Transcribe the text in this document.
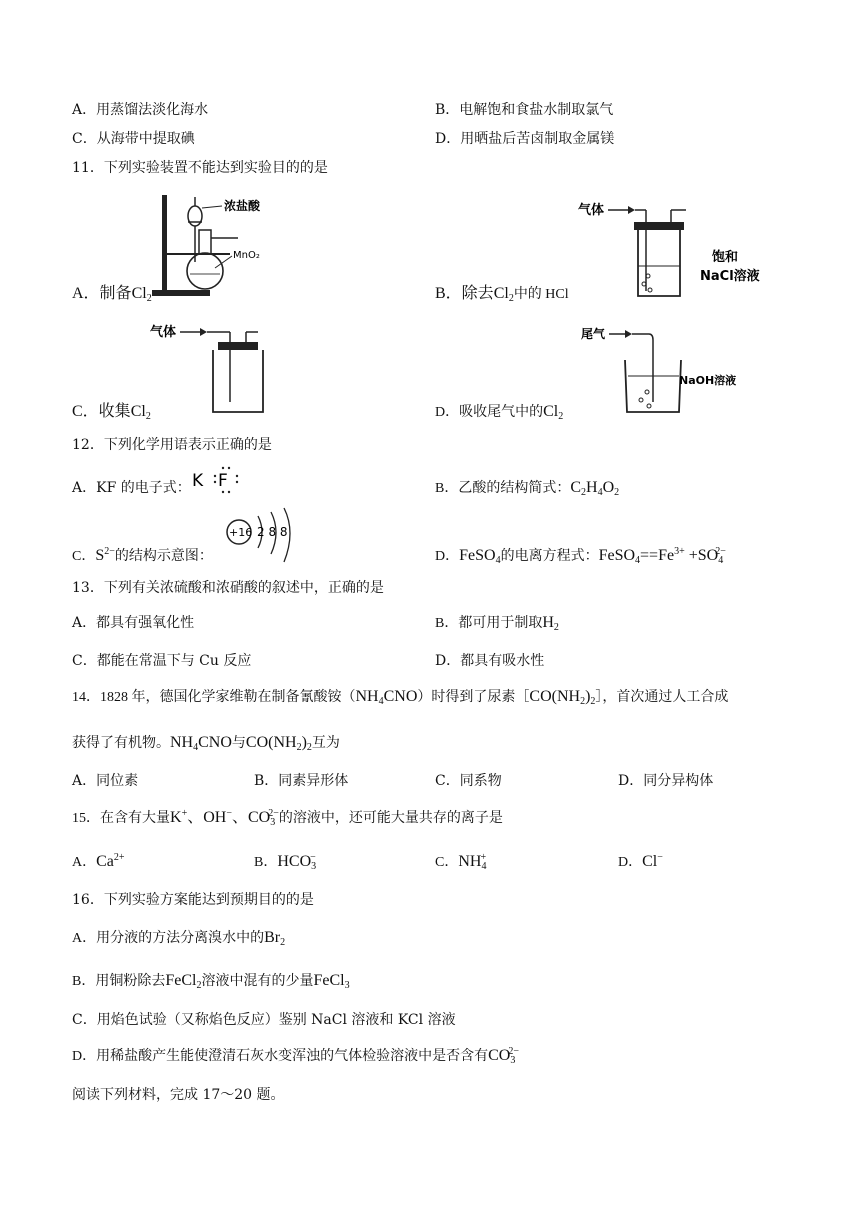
A．用蒸馏法淡化海水	B．电解饱和食盐水制取氯气
C．从海带中提取碘	D．用晒盐后苦卤制取金属镁
11．下列实验装置不能达到实验目的的是
浓盐酸
MnO₂
A．制备$Cl_2$
气体
饱和
NaCl溶液
B．除去$Cl_2$中的 HCl
气体
C．收集$Cl_2$
尾气
NaOH溶液
D．吸收尾气中的$Cl_2$
12．下列化学用语表示正确的是
A．KF 的电子式： K F	B．乙酸的结构简式：$C_2H_4O_2$
C．$S^{2-}$的结构示意图：
+16 2 8 8
D．FeSO$_4$的电离方程式：$FeSO_4==Fe^{3+} +SO_4^{2-}$
13．下列有关浓硫酸和浓硝酸的叙述中，正确的是
A．都具有强氧化性	B．都可用于制取$H_2$
C．都能在常温下与 Cu 反应	D．都具有吸水性
14．1828 年，德国化学家维勒在制备氰酸铵$(NH_4CNO)$时得到了尿素$[CO(NH_2)_2]$，首次通过人工合成
获得了有机物。$NH_4CNO$与$CO(NH_2)_2$互为
A．同位素	B．同素异形体	C．同系物	D．同分异构体
15．在含有大量K+、OH−、$CO_3^{2-}$的溶液中，还可能大量共存的离子是
A．$Ca^{2+}$	B．$HCO_3^-$	C．$NH_4^+$	D．Cl−
16．下列实验方案能达到预期目的的是
A．用分液的方法分离溴水中的$Br_2$
B．用铜粉除去FeCl$_2$溶液中混有的少量FeCl$_3$
C．用焰色试验（又称焰色反应）鉴别 NaCl 溶液和 KCl 溶液
D．用稀盐酸产生能使澄清石灰水变浑浊的气体检验溶液中是否含有$CO_3^{2-}$
阅读下列材料，完成 17～20 题。
